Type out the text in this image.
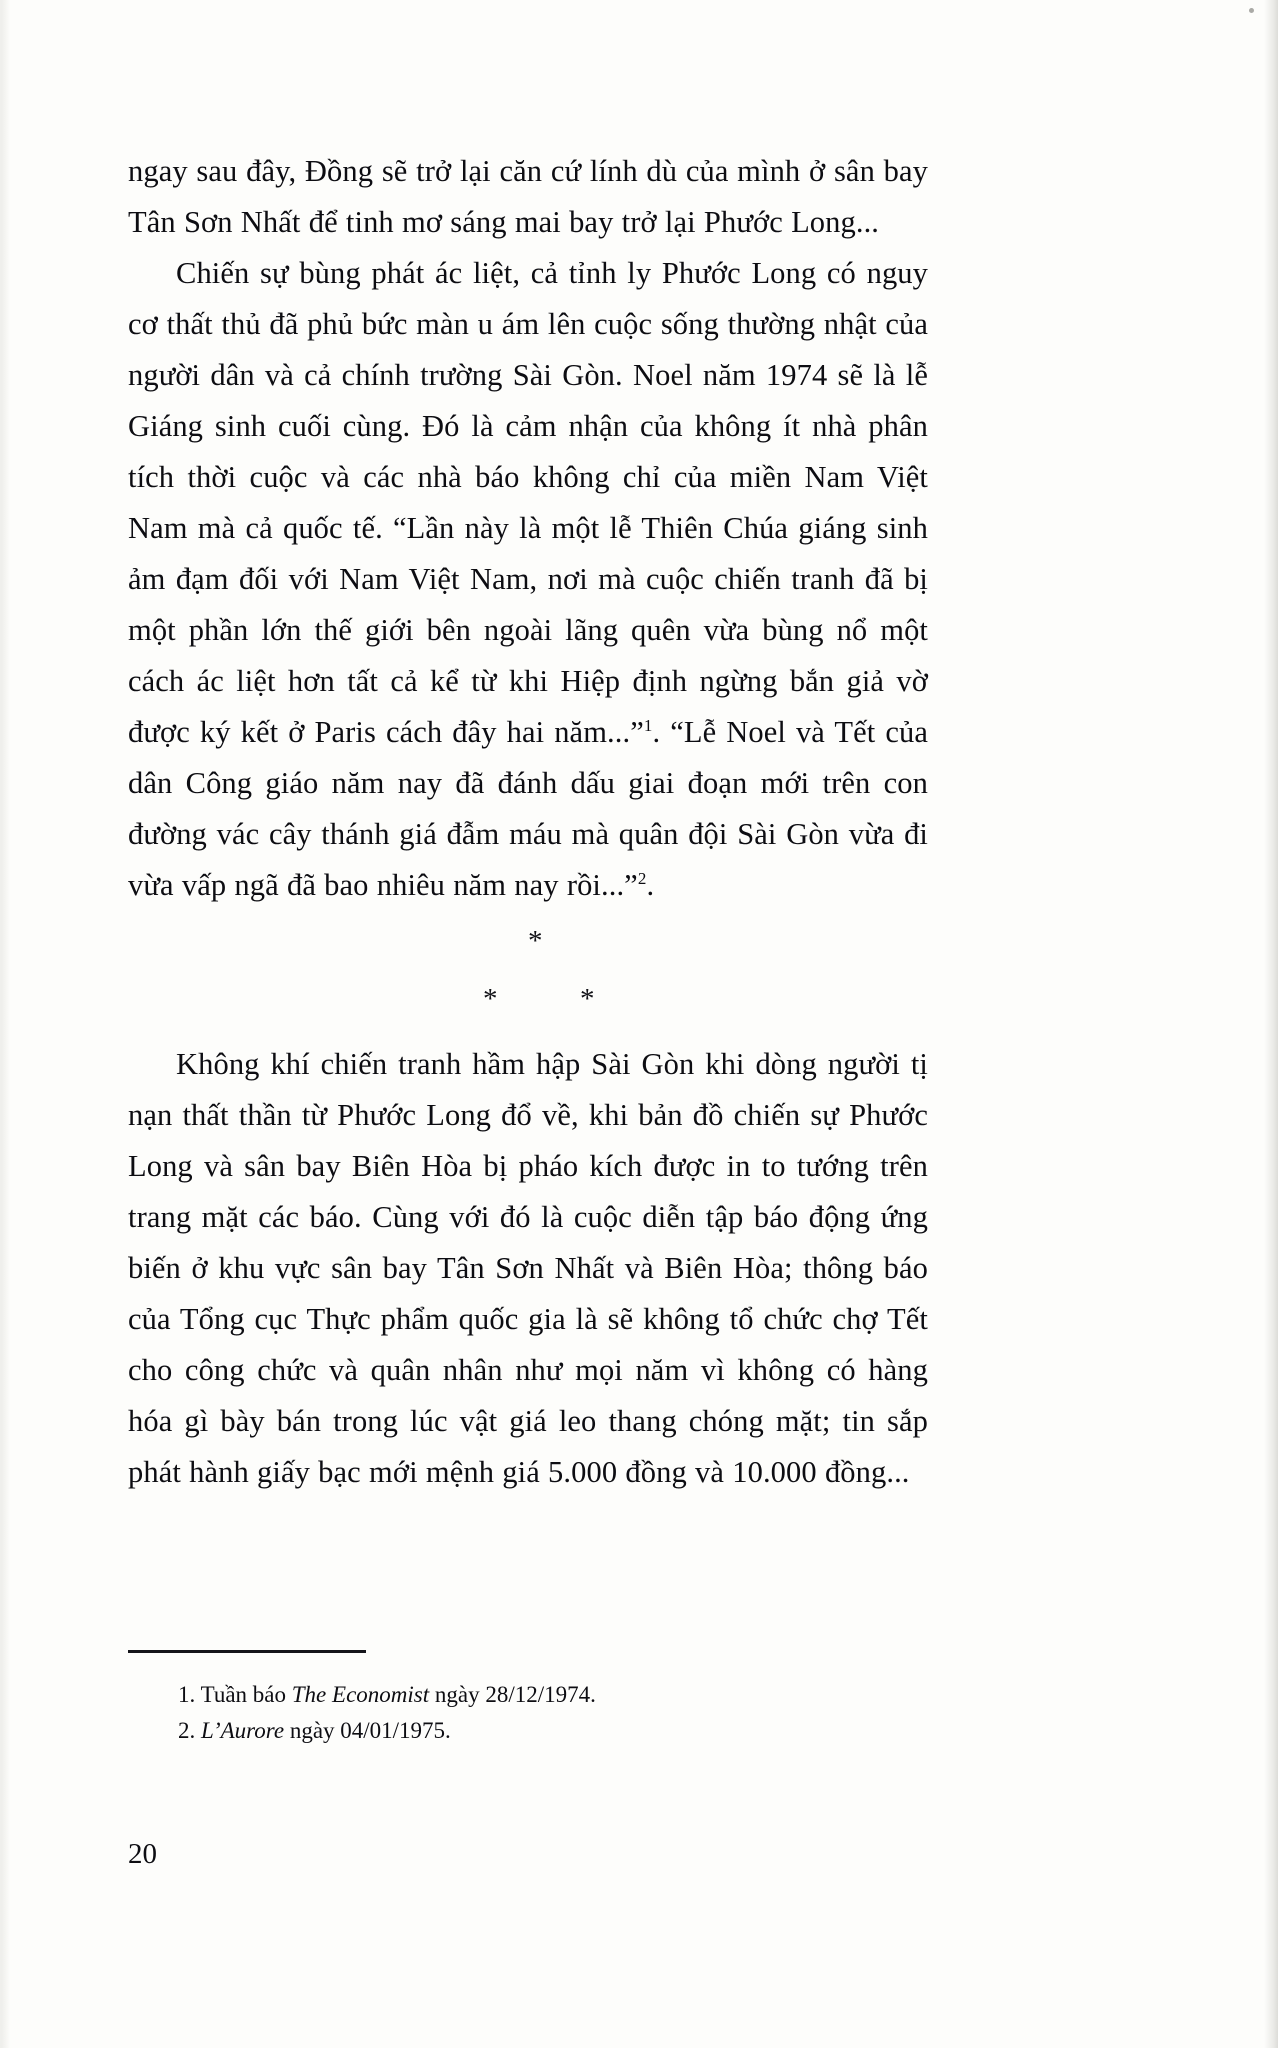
ngay sau đây, Đồng sẽ trở lại căn cứ lính dù của mình ở sân bay Tân Sơn Nhất để tinh mơ sáng mai bay trở lại Phước Long...

Chiến sự bùng phát ác liệt, cả tỉnh ly Phước Long có nguy cơ thất thủ đã phủ bức màn u ám lên cuộc sống thường nhật của người dân và cả chính trường Sài Gòn. Noel năm 1974 sẽ là lễ Giáng sinh cuối cùng. Đó là cảm nhận của không ít nhà phân tích thời cuộc và các nhà báo không chỉ của miền Nam Việt Nam mà cả quốc tế. “Lần này là một lễ Thiên Chúa giáng sinh ảm đạm đối với Nam Việt Nam, nơi mà cuộc chiến tranh đã bị một phần lớn thế giới bên ngoài lãng quên vừa bùng nổ một cách ác liệt hơn tất cả kể từ khi Hiệp định ngừng bắn giả vờ được ký kết ở Paris cách đây hai năm...”$^1$. “Lễ Noel và Tết của dân Công giáo năm nay đã đánh dấu giai đoạn mới trên con đường vác cây thánh giá đẫm máu mà quân đội Sài Gòn vừa đi vừa vấp ngã đã bao nhiêu năm nay rồi...”$^2$.

*
*	*

Không khí chiến tranh hầm hập Sài Gòn khi dòng người tị nạn thất thần từ Phước Long đổ về, khi bản đồ chiến sự Phước Long và sân bay Biên Hòa bị pháo kích được in to tướng trên trang mặt các báo. Cùng với đó là cuộc diễn tập báo động ứng biến ở khu vực sân bay Tân Sơn Nhất và Biên Hòa; thông báo của Tổng cục Thực phẩm quốc gia là sẽ không tổ chức chợ Tết cho công chức và quân nhân như mọi năm vì không có hàng hóa gì bày bán trong lúc vật giá leo thang chóng mặt; tin sắp phát hành giấy bạc mới mệnh giá 5.000 đồng và 10.000 đồng...

1. Tuần báo The Economist ngày 28/12/1974.
2. L’Aurore ngày 04/01/1975.
20
